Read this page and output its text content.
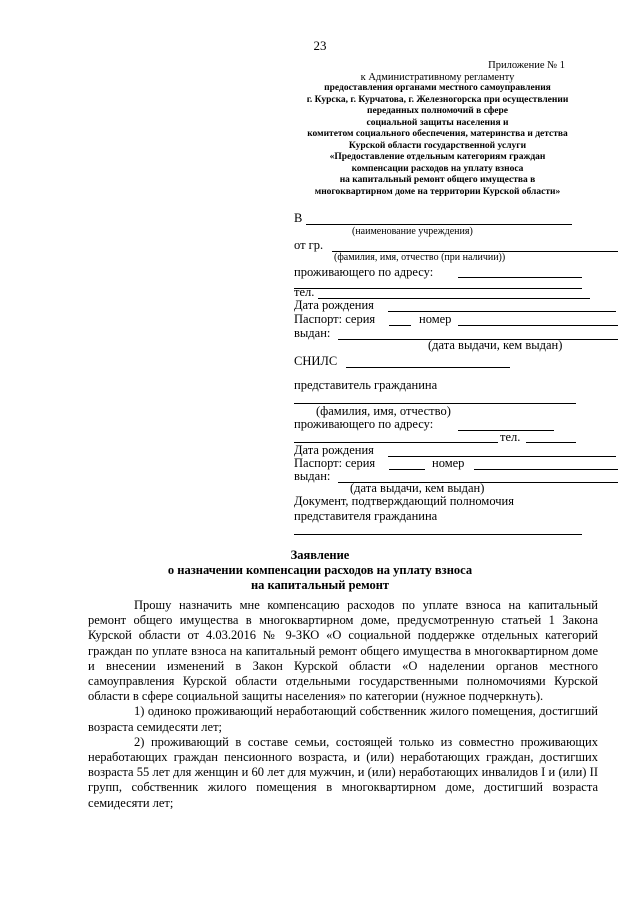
23
Приложение № 1
к Административному регламенту
предоставления органами местного самоуправления
г. Курска, г. Курчатова, г. Железногорска при осуществлении
переданных полномочий в сфере
социальной защиты населения и
комитетом социального обеспечения, материнства и детства
Курской области государственной услуги
«Предоставление отдельным категориям граждан
компенсации расходов на уплату взноса
на капитальный ремонт общего имущества в
многоквартирном доме на территории Курской области»
В
(наименование учреждения)
от гр.
(фамилия, имя, отчество (при наличии))
проживающего по адресу:
тел.
Дата рождения
Паспорт: серия	номер
выдан:
(дата выдачи, кем выдан)
СНИЛС
представитель гражданина
(фамилия, имя, отчество)
проживающего по адресу:
тел.
Дата рождения
Паспорт: серия	номер
выдан:
(дата выдачи, кем выдан)
Документ, подтверждающий полномочия
представителя гражданина
Заявление
о назначении компенсации расходов на уплату взноса
на капитальный ремонт

Прошу назначить мне компенсацию расходов по уплате взноса на капитальный ремонт общего имущества в многоквартирном доме, предусмотренную статьей 1 Закона Курской области от 4.03.2016 № 9-ЗКО «О социальной поддержке отдельных категорий граждан по уплате взноса на капитальный ремонт общего имущества в многоквартирном доме и внесении изменений в Закон Курской области «О наделении органов местного самоуправления Курской области отдельными государственными полномочиями Курской области в сфере социальной защиты населения» по категории (нужное подчеркнуть).

1) одиноко проживающий неработающий собственник жилого помещения, достигший возраста семидесяти лет;

2) проживающий в составе семьи, состоящей только из совместно проживающих неработающих граждан пенсионного возраста, и (или) неработающих граждан, достигших возраста 55 лет для женщин и 60 лет для мужчин, и (или) неработающих инвалидов I и (или) II групп, собственник жилого помещения в многоквартирном доме, достигший возраста семидесяти лет;
